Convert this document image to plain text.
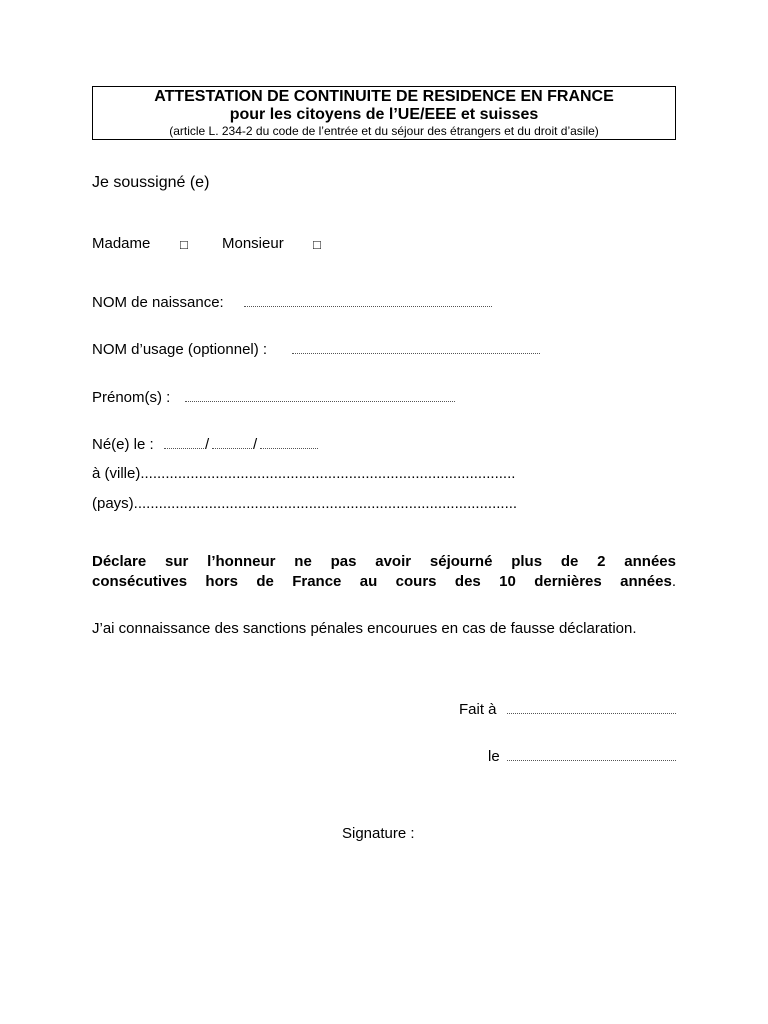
ATTESTATION DE CONTINUITE DE RESIDENCE EN FRANCE
pour les citoyens de l’UE/EEE et suisses
(article L. 234-2 du code de l’entrée et du séjour des étrangers et du droit d’asile)
Je soussigné (e)
Madame □ Monsieur □
NOM de naissance:
NOM d’usage (optionnel) :
Prénom(s) :
Né(e) le :	/	/
à (ville)..........................................................................................
(pays)............................................................................................
Déclare sur l’honneur ne pas avoir séjourné plus de 2 années
consécutives hors de France au cours des 10 dernières années .
J’ai connaissance des sanctions pénales encourues en cas de fausse déclaration.
Fait à
le
Signature :
